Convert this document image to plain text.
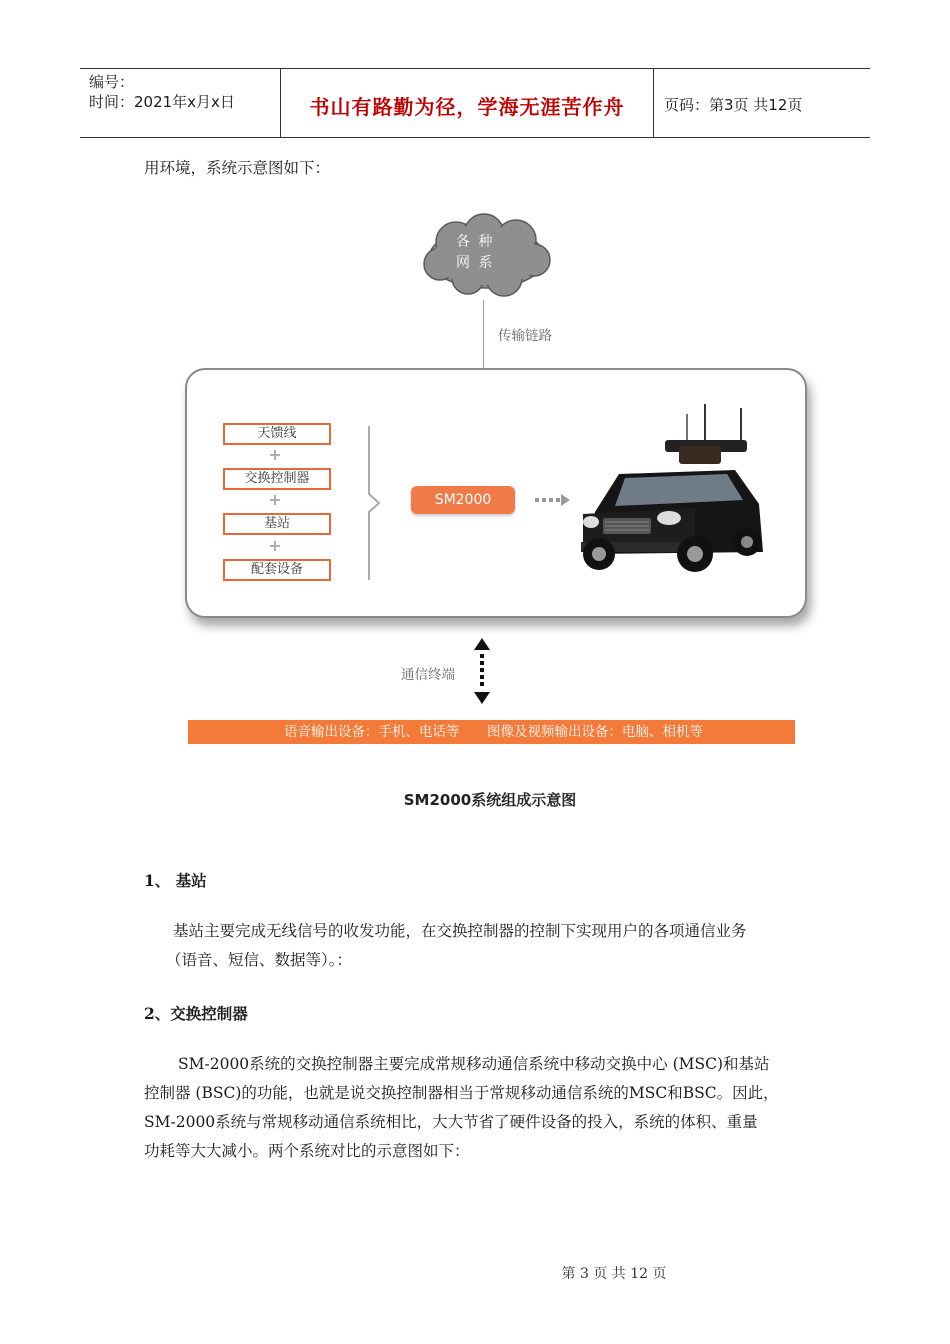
编号：
时间：2021年x月x日	书山有路勤为径，学海无涯苦作舟	页码：第3页 共12页
用环境，系统示意图如下：
各 种
网 系
传输链路
天馈线
+
交换控制器
+
基站
+
配套设备
SM2000
通信终端
语音输出设备：手机、电话等 图像及视频输出设备：电脑、相机等
SM2000系统组成示意图
1、 基站
基站主要完成无线信号的收发功能，在交换控制器的控制下实现用户的各项通信业务
（语音、短信、数据等）。：
2、交换控制器
SM-2000系统的交换控制器主要完成常规移动通信系统中移动交换中心 (MSC)和基站
控制器 (BSC)的功能，也就是说交换控制器相当于常规移动通信系统的MSC和BSC。因此，
SM-2000系统与常规移动通信系统相比，大大节省了硬件设备的投入，系统的体积、重量
功耗等大大减小。两个系统对比的示意图如下：
第 3 页 共 12 页
